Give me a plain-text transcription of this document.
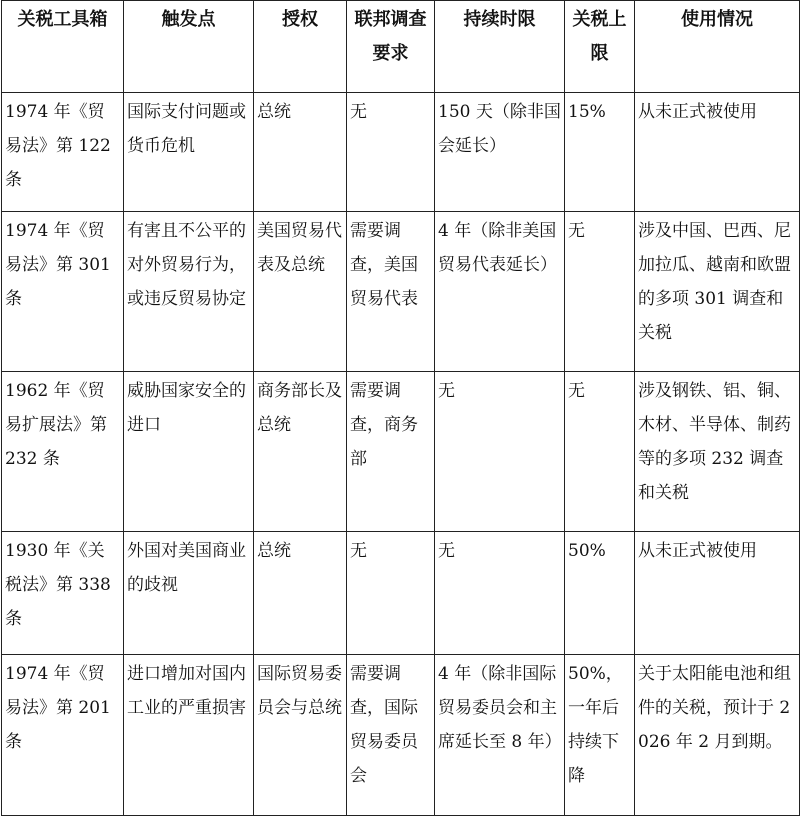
关税工具箱	触发点	授权	联邦调查要求	持续时限	关税上限	使用情况
1974 年《贸易法》第 122 条	国际支付问题或货币危机	总统	无	150 天（除非国会延长）	15%	从未正式被使用
1974 年《贸易法》第 301 条	有害且不公平的对外贸易行为，或违反贸易协定	美国贸易代表及总统	需要调查，美国贸易代表	4 年（除非美国贸易代表延长）	无	涉及中国、巴西、尼加拉瓜、越南和欧盟的多项 301 调查和关税
1962 年《贸易扩展法》第 232 条	威胁国家安全的进口	商务部长及总统	需要调查，商务部	无	无	涉及钢铁、铝、铜、木材、半导体、制药等的多项 232 调查和关税
1930 年《关税法》第 338 条	外国对美国商业的歧视	总统	无	无	50%	从未正式被使用
1974 年《贸易法》第 201 条	进口增加对国内工业的严重损害	国际贸易委员会与总统	需要调查，国际贸易委员会	4 年（除非国际贸易委员会和主席延长至 8 年）	50%，一年后持续下降	关于太阳能电池和组件的关税，预计于 2026 年 2 月到期。
